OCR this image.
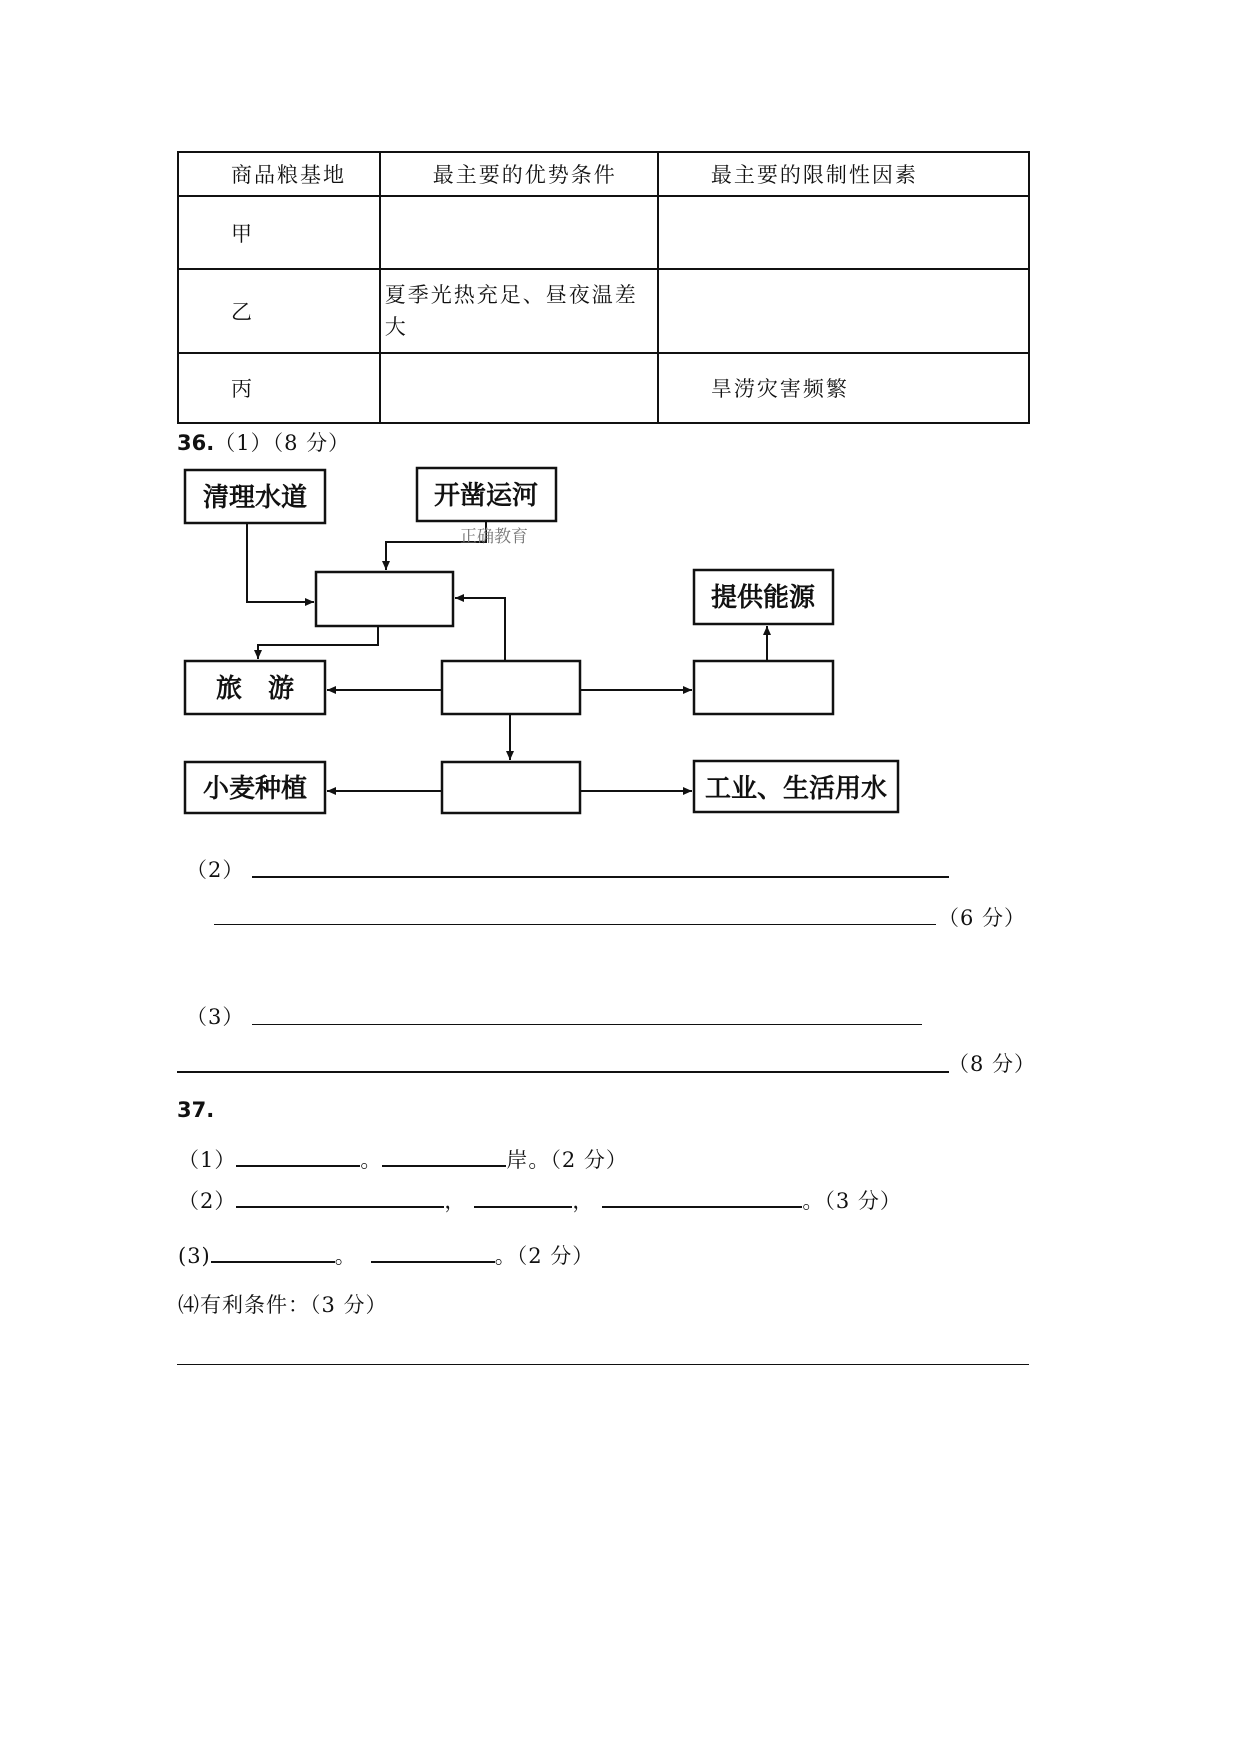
商品粮基地	最主要的优势条件	最主要的限制性因素

甲		

乙	夏季光热充足、昼夜温差大	

丙		旱涝灾害频繁
36.（1）（8 分）
清理水道	开凿运河
提供能源
旅　游
小麦种植	工业、生活用水
正确教育
（2）
（6 分）
（3）
（8 分）
37.
（1）	。	岸。（2 分）
（2）	，	，	。（3 分）
(3)	。	。（2 分）
⑷有利条件：（3 分）
